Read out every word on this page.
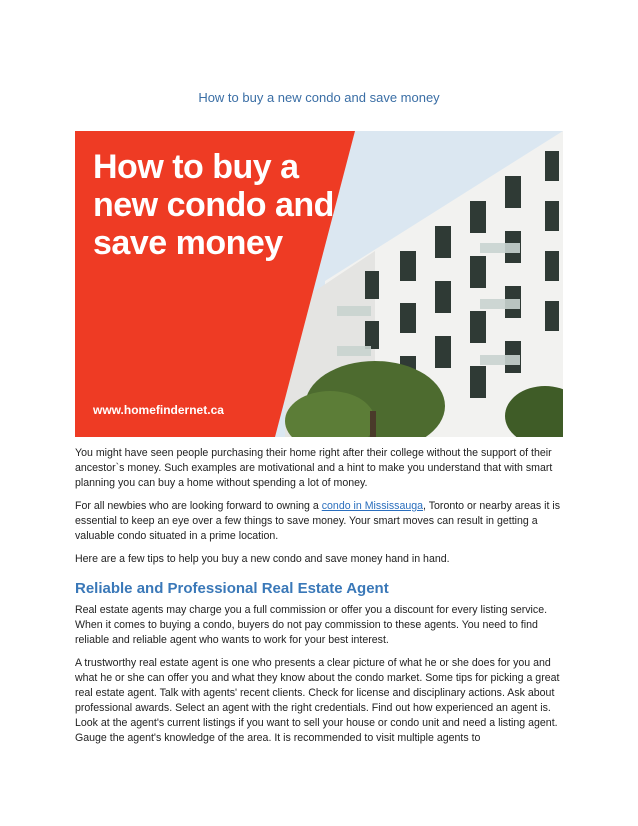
How to buy a new condo and save money
How to buy a new condo and save money
www.homefindernet.ca

You might have seen people purchasing their home right after their college without the support of their ancestor`s money. Such examples are motivational and a hint to make you understand that with smart planning you can buy a home without spending a lot of money.

For all newbies who are looking forward to owning a condo in Mississauga, Toronto or nearby areas it is essential to keep an eye over a few things to save money. Your smart moves can result in getting a valuable condo situated in a prime location.

Here are a few tips to help you buy a new condo and save money hand in hand.

Reliable and Professional Real Estate Agent

Real estate agents may charge you a full commission or offer you a discount for every listing service. When it comes to buying a condo, buyers do not pay commission to these agents. You need to find reliable and reliable agent who wants to work for your best interest.

A trustworthy real estate agent is one who presents a clear picture of what he or she does for you and what he or she can offer you and what they know about the condo market. Some tips for picking a great real estate agent. Talk with agents' recent clients. Check for license and disciplinary actions. Ask about professional awards. Select an agent with the right credentials. Find out how experienced an agent is. Look at the agent's current listings if you want to sell your house or condo unit and need a listing agent. Gauge the agent's knowledge of the area. It is recommended to visit multiple agents to
